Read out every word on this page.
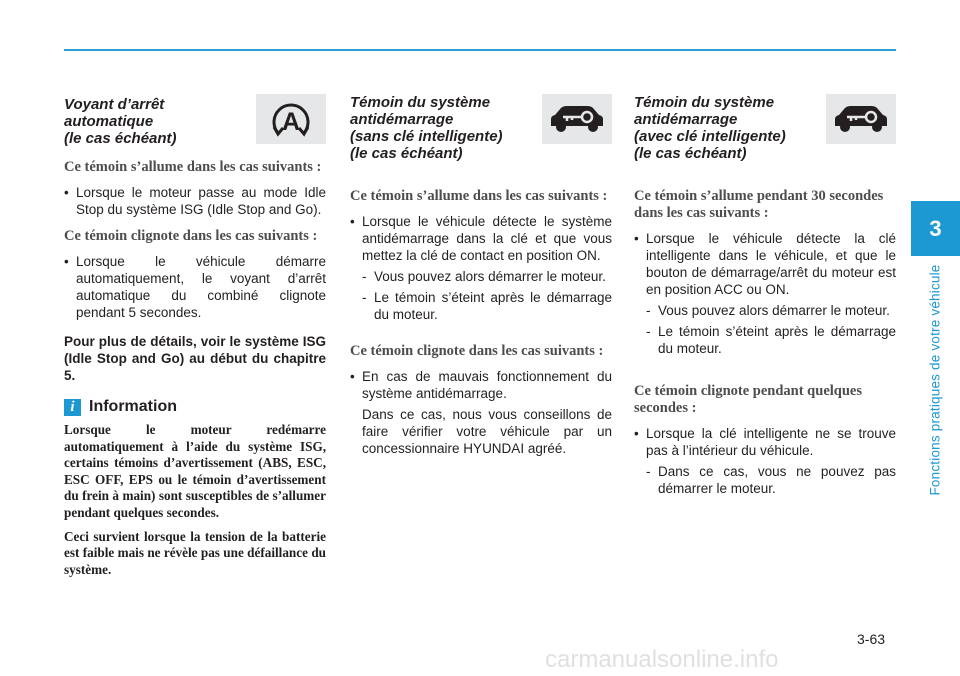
3
Fonctions pratiques de votre véhicule
Voyant d’arrêt
automatique
(le cas échéant)
A

Ce témoin s’allume dans les cas suivants :

• Lorsque le moteur passe au mode Idle Stop du système ISG (Idle Stop and Go).

Ce témoin clignote dans les cas suivants :

• Lorsque le véhicule démarre automatiquement, le voyant d’arrêt automatique du combiné clignote pendant 5 secondes.

Pour plus de détails, voir le système ISG (Idle Stop and Go) au début du chapitre 5.

i Information

Lorsque le moteur redémarre automatiquement à l’aide du système ISG, certains témoins d’avertissement (ABS, ESC, ESC OFF, EPS ou le témoin d’avertissement du frein à main) sont susceptibles de s’allumer pendant quelques secondes.

Ceci survient lorsque la tension de la batterie est faible mais ne révèle pas une défaillance du système.

Témoin du système
antidémarrage
(sans clé intelligente)
(le cas échéant)

Ce témoin s’allume dans les cas suivants :

• Lorsque le véhicule détecte le système antidémarrage dans la clé et que vous mettez la clé de contact en position ON.

- Vous pouvez alors démarrer le moteur.

- Le témoin s’éteint après le démarrage du moteur.

Ce témoin clignote dans les cas suivants :

• En cas de mauvais fonctionnement du système antidémarrage.

Dans ce cas, nous vous conseillons de faire vérifier votre véhicule par un concessionnaire HYUNDAI agréé.

Témoin du système
antidémarrage
(avec clé intelligente)
(le cas échéant)

Ce témoin s’allume pendant 30 secondes dans les cas suivants :

• Lorsque le véhicule détecte la clé intelligente dans le véhicule, et que le bouton de démarrage/arrêt du moteur est en position ACC ou ON.

- Vous pouvez alors démarrer le moteur.

- Le témoin s’éteint après le démarrage du moteur.

Ce témoin clignote pendant quelques secondes :

• Lorsque la clé intelligente ne se trouve pas à l’intérieur du véhicule.

- Dans ce cas, vous ne pouvez pas démarrer le moteur.

3-63
carmanualsonline.info
